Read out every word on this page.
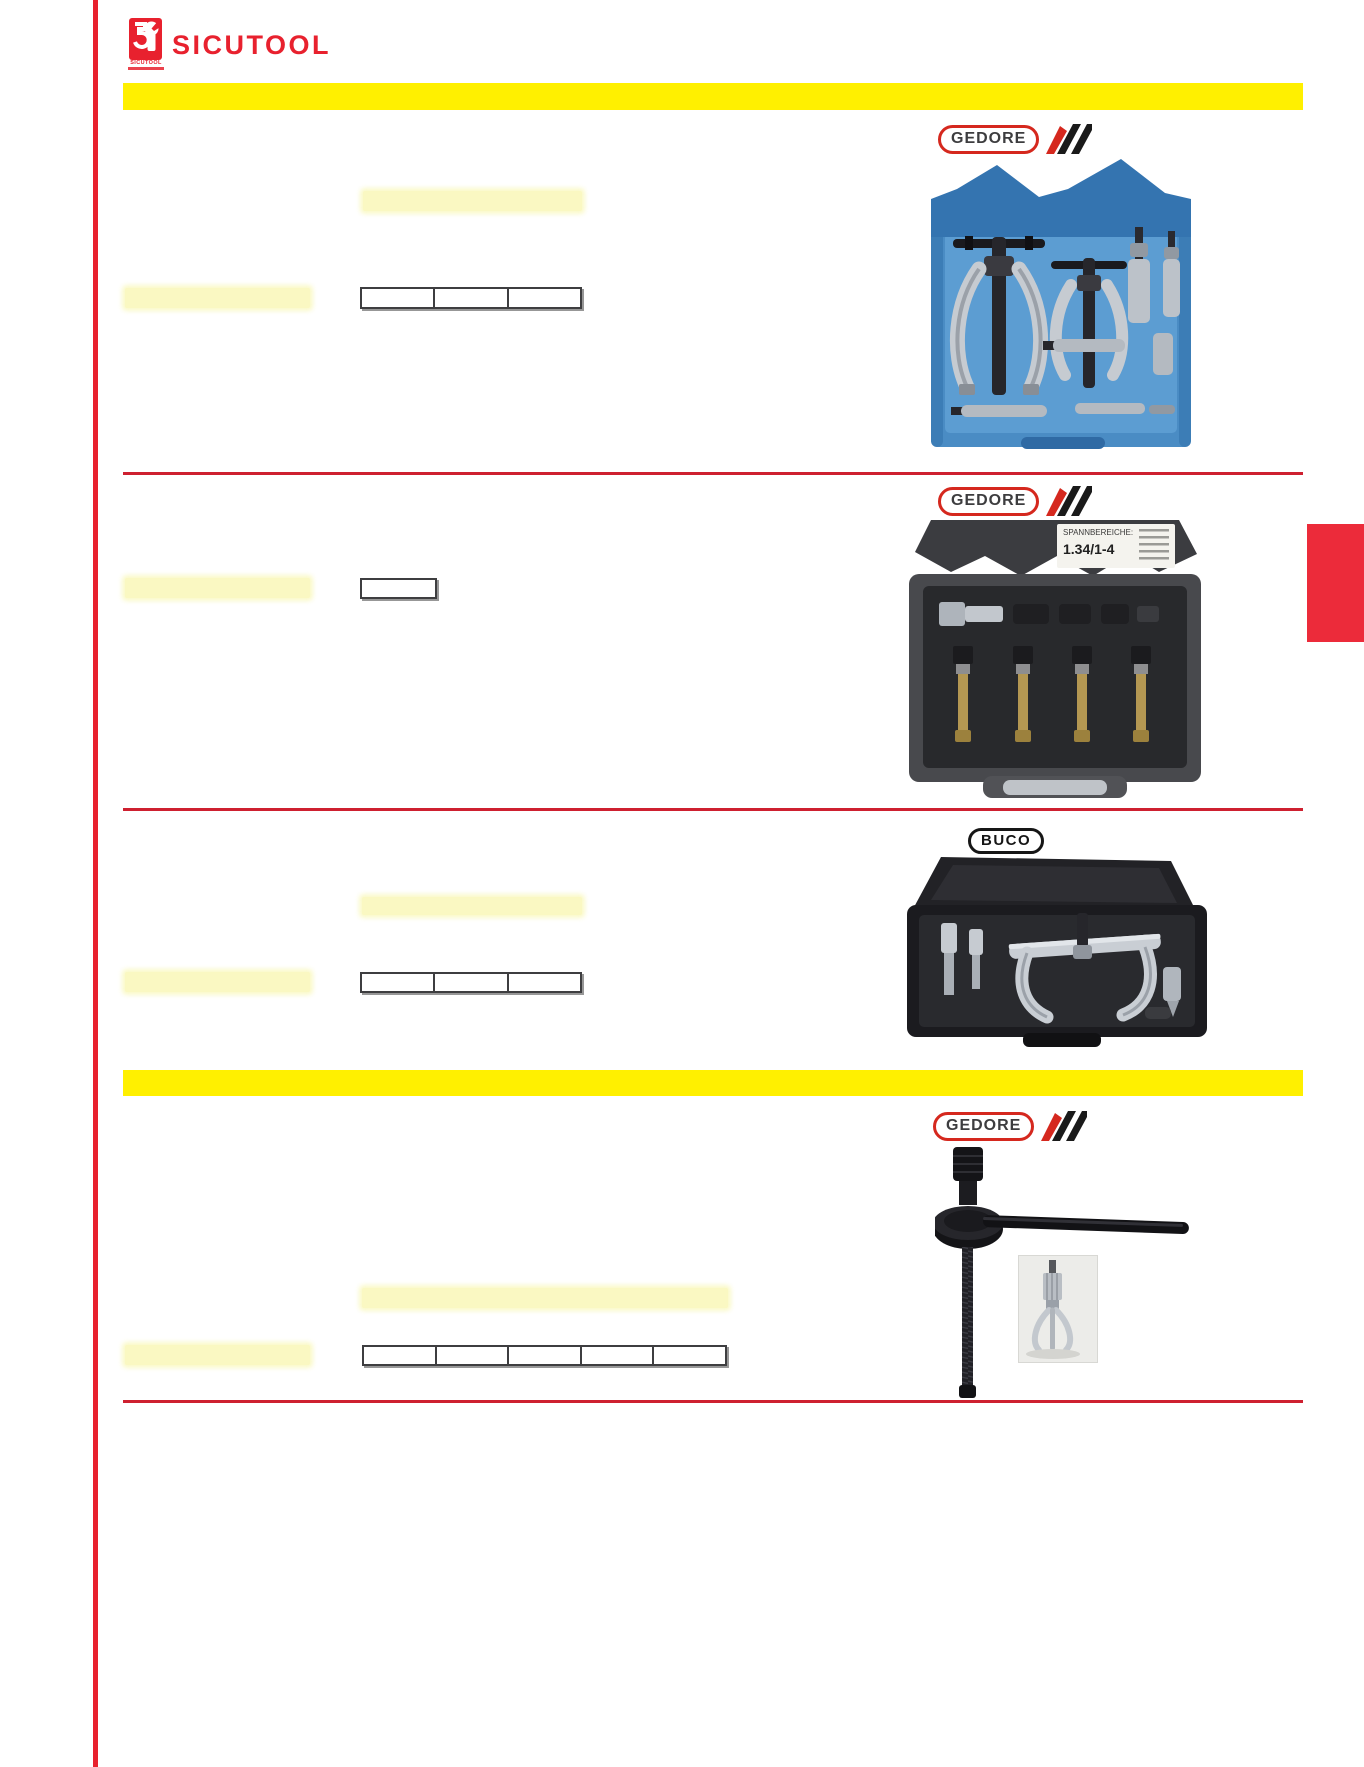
SICUTOOL
SICUTOOL
GEDORE
GEDORE
SPANNBEREICHE:
1.34/1-4
BUCO
GEDORE
